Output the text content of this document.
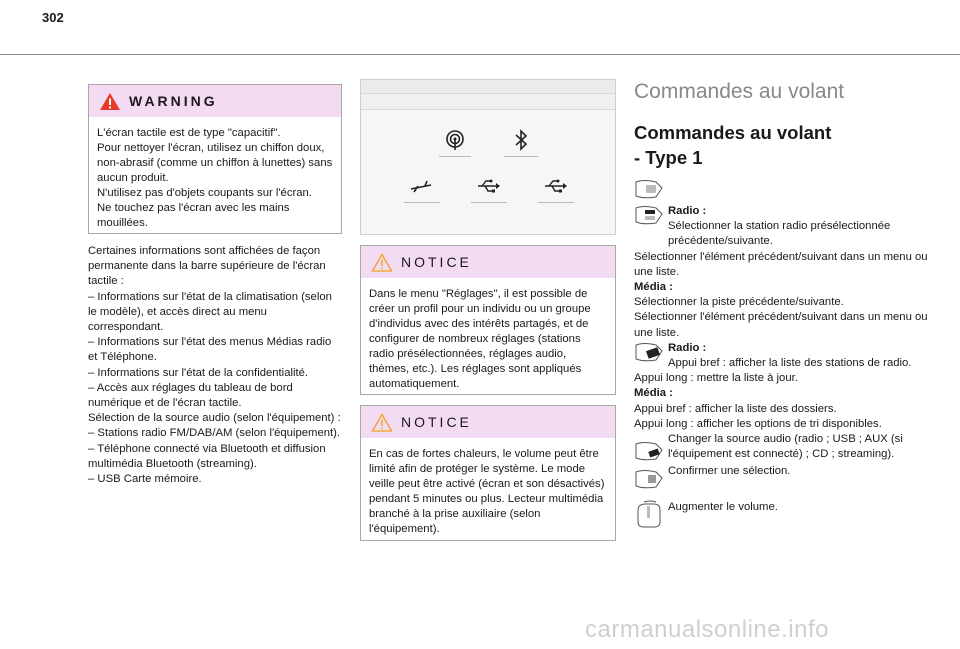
302
WARNING

L'écran tactile est de type "capacitif".

Pour nettoyer l'écran, utilisez un chiffon doux, non-abrasif (comme un chiffon à lunettes) sans aucun produit.

N'utilisez pas d'objets coupants sur l'écran.

Ne touchez pas l'écran avec les mains mouillées.

Certaines informations sont affichées de façon permanente dans la barre supérieure de l'écran tactile :

– Informations sur l'état de la climatisation (selon le modèle), et accès direct au menu correspondant.

– Informations sur l'état des menus Médias radio et Téléphone.

– Informations sur l'état de la confidentialité.

– Accès aux réglages du tableau de bord numérique et de l'écran tactile.

Sélection de la source audio (selon l'équipement) :

– Stations radio FM/DAB/AM (selon l'équipement).

– Téléphone connecté via Bluetooth et diffusion multimédia Bluetooth (streaming).

– USB Carte mémoire.

NOTICE

Dans le menu "Réglages", il est possible de créer un profil pour un individu ou un groupe d'individus avec des intérêts partagés, et de configurer de nombreux réglages (stations radio présélectionnées, réglages audio, thèmes, etc.). Les réglages sont appliqués automatiquement.

NOTICE

En cas de fortes chaleurs, le volume peut être limité afin de protéger le système. Le mode veille peut être activé (écran et son désactivés) pendant 5 minutes ou plus. Lecteur multimédia branché à la prise auxiliaire (selon l'équipement).

Commandes au volant
Commandes au volant
- Type 1
Radio :
Sélectionner la station radio présélectionnée précédente/suivante.

Sélectionner l'élément précédent/suivant dans un menu ou une liste.

Média :

Sélectionner la piste précédente/suivante.

Sélectionner l'élément précédent/suivant dans un menu ou une liste.

Radio :
Appui bref : afficher la liste des stations de radio.

Appui long : mettre la liste à jour.

Média :

Appui bref : afficher la liste des dossiers.

Appui long : afficher les options de tri disponibles.

Changer la source audio (radio ; USB ; AUX (si l'équipement est connecté) ; CD ; streaming).
Confirmer une sélection.
Augmenter le volume.
carmanualsonline.info
